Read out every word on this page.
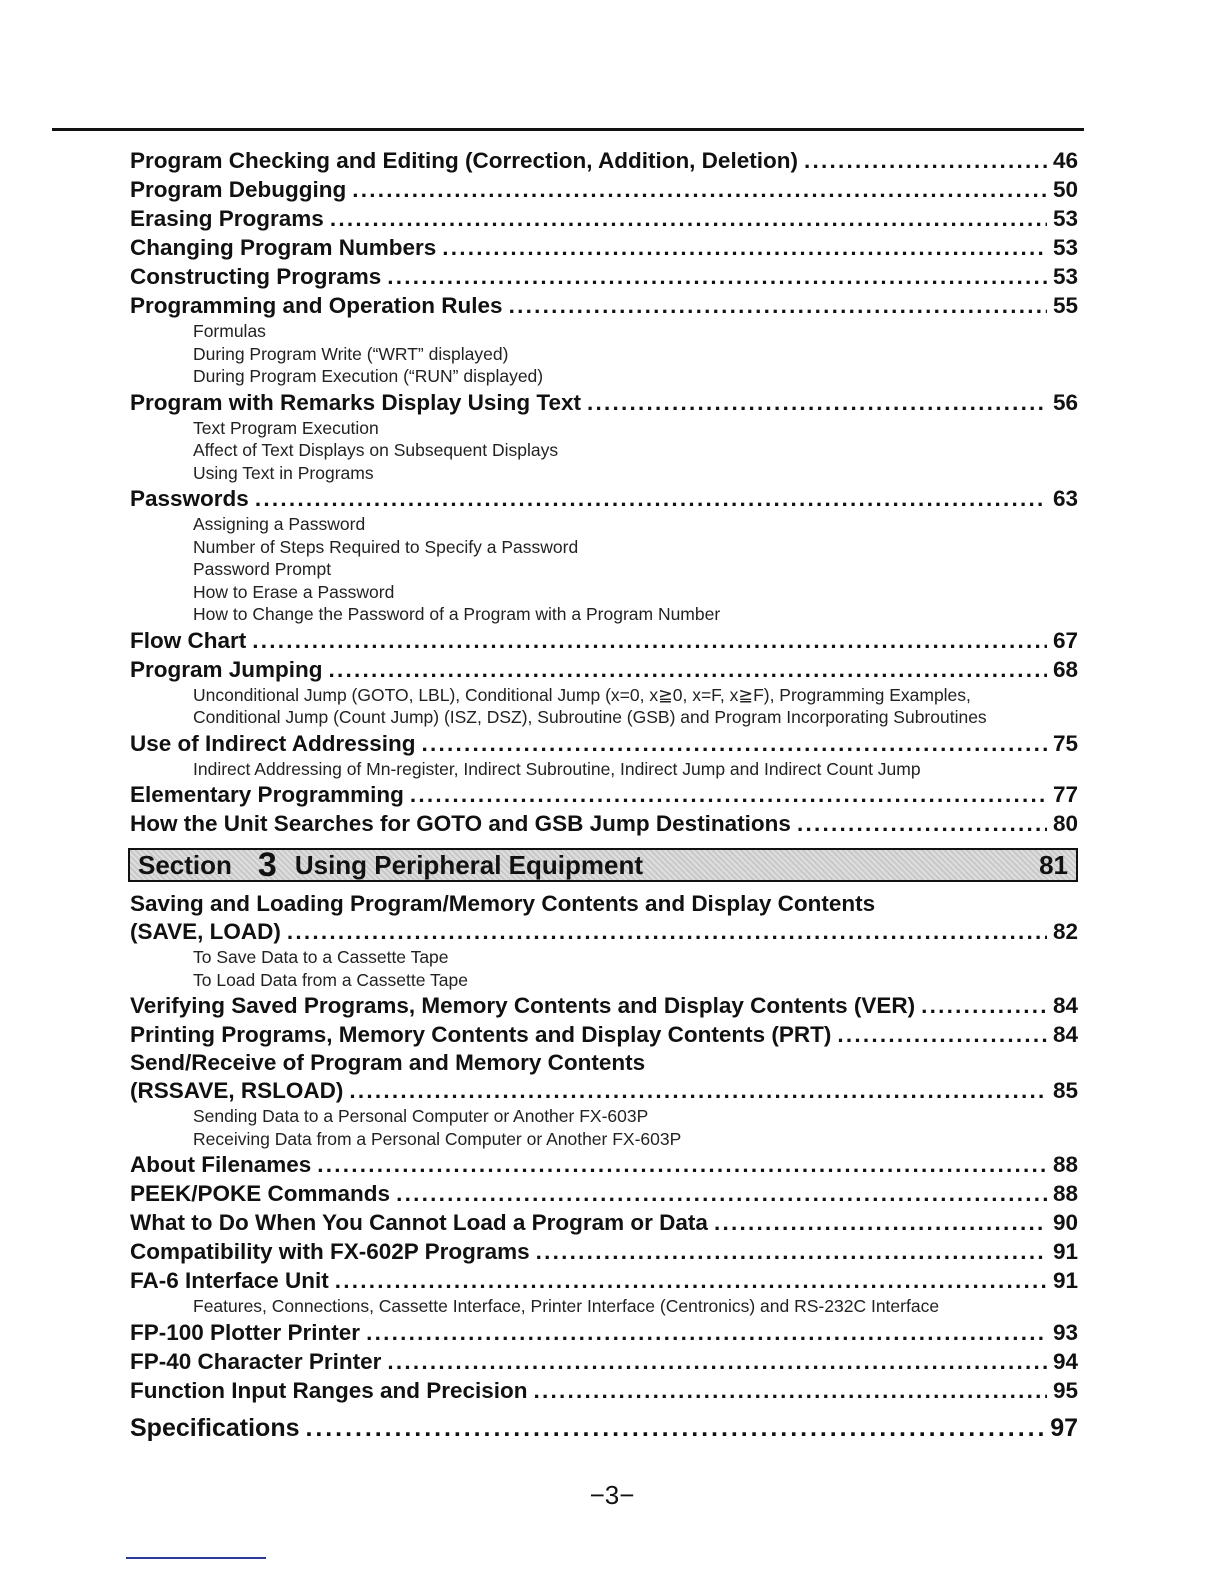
Program Checking and Editing (Correction, Addition, Deletion) . . .	46
Program Debugging . . .	50
Erasing Programs . . .	53
Changing Program Numbers . . .	53
Constructing Programs . . .	53
Programming and Operation Rules . . .	55
Formulas
During Program Write (“WRT” displayed)
During Program Execution (“RUN” displayed)
Program with Remarks Display Using Text . . .	56
Text Program Execution
Affect of Text Displays on Subsequent Displays
Using Text in Programs
Passwords . . .	63
Assigning a Password
Number of Steps Required to Specify a Password
Password Prompt
How to Erase a Password
How to Change the Password of a Program with a Program Number
Flow Chart . . .	67
Program Jumping . . .	68
Unconditional Jump (GOTO, LBL), Conditional Jump (x=0, x≧0, x=F, x≧F), Programming Examples,
Conditional Jump (Count Jump) (ISZ, DSZ), Subroutine (GSB) and Program Incorporating Subroutines
Use of Indirect Addressing . . .	75
Indirect Addressing of Mn-register, Indirect Subroutine, Indirect Jump and Indirect Count Jump
Elementary Programming . . .	77
How the Unit Searches for GOTO and GSB Jump Destinations . . .	80
Section 3 Using Peripheral Equipment	81
Saving and Loading Program/Memory Contents and Display Contents
(SAVE, LOAD) . . .	82
To Save Data to a Cassette Tape
To Load Data from a Cassette Tape
Verifying Saved Programs, Memory Contents and Display Contents (VER) . . .	84
Printing Programs, Memory Contents and Display Contents (PRT) . . .	84
Send/Receive of Program and Memory Contents
(RSSAVE, RSLOAD) . . .	85
Sending Data to a Personal Computer or Another FX-603P
Receiving Data from a Personal Computer or Another FX-603P
About Filenames . . .	88
PEEK/POKE Commands . . .	88
What to Do When You Cannot Load a Program or Data . . .	90
Compatibility with FX-602P Programs . . .	91
FA-6 Interface Unit . . .	91
Features, Connections, Cassette Interface, Printer Interface (Centronics) and RS-232C Interface
FP-100 Plotter Printer . . .	93
FP-40 Character Printer . . .	94
Function Input Ranges and Precision . . .	95
Specifications . . .	97
−3−
